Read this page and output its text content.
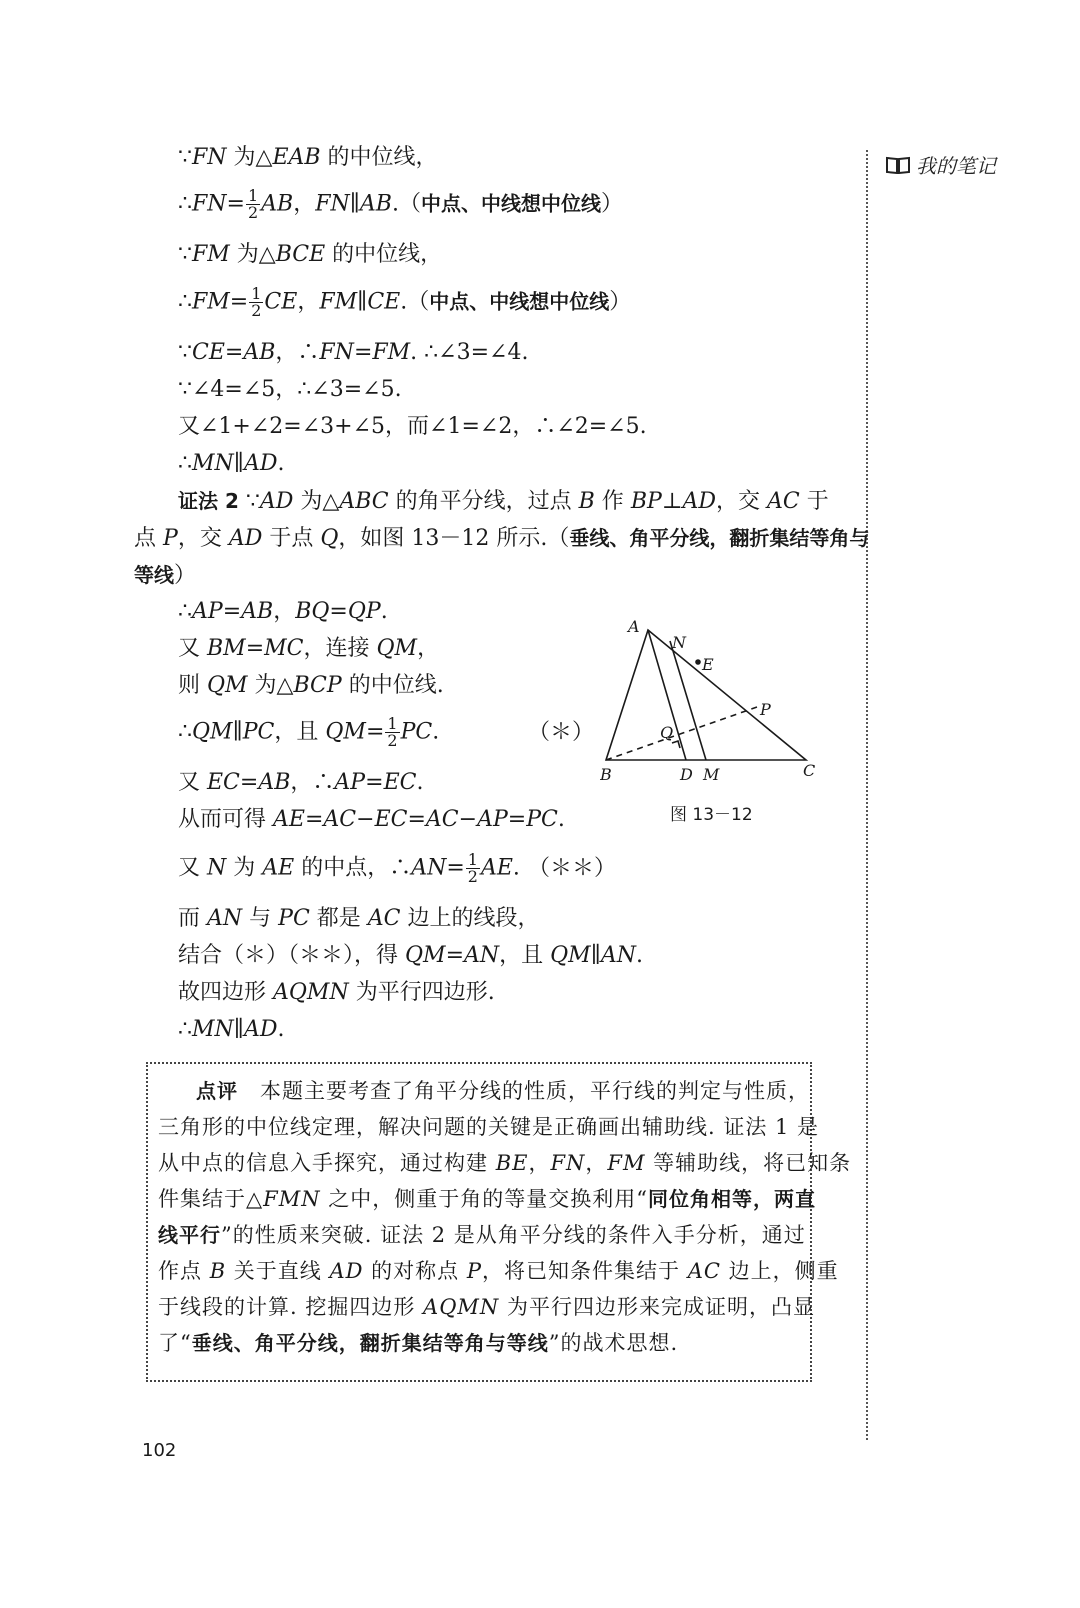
我的笔记
∵FN 为△EAB 的中位线，
∴FN= $\frac{1}{2}$ AB，FN∥AB.（中点、中线想中位线）
∵FM 为△BCE 的中位线，
∴FM= $\frac{1}{2}$ CE，FM∥CE.（中点、中线想中位线）
∵CE=AB，∴FN=FM. ∴∠3=∠4.
∵∠4=∠5，∴∠3=∠5.
又∠1+∠2=∠3+∠5，而∠1=∠2，∴∠2=∠5.
∴MN∥AD.
证法 2 ∵AD 为△ABC 的角平分线，过点 B 作 BP⊥AD，交 AC 于
点 P，交 AD 于点 Q，如图 13－12 所示.（垂线、角平分线，翻折集结等角与
等线）
∴AP=AB，BQ=QP.
又 BM=MC，连接 QM，
则 QM 为△BCP 的中位线.
∴QM∥PC，且 $QM= \frac{1}{2}$ PC.	（＊）
又 EC=AB，∴AP=EC.
从而可得 AE=AC−EC=AC−AP=PC.
又 N 为 AE 的中点，∴AN= $\frac{1}{2}$ AE. （＊＊）
而 AN 与 PC 都是 AC 边上的线段，
结合（＊）（＊＊），得 QM=AN，且 QM∥AN.
故四边形 AQMN 为平行四边形.
∴MN∥AD.
A
N
E
P
Q
B	D M	C
图 13－12
点评　本题主要考查了角平分线的性质，平行线的判定与性质，
三角形的中位线定理，解决问题的关键是正确画出辅助线. 证法 1 是
从中点的信息入手探究，通过构建 BE，FN，FM 等辅助线，将已知条
件集结于△FMN 之中，侧重于角的等量交换利用“同位角相等，两直
线平行”的性质来突破. 证法 2 是从角平分线的条件入手分析，通过
作点 B 关于直线 AD 的对称点 P，将已知条件集结于 AC 边上，侧重
于线段的计算. 挖掘四边形 AQMN 为平行四边形来完成证明，凸显
了“垂线、角平分线，翻折集结等角与等线”的战术思想.
102
